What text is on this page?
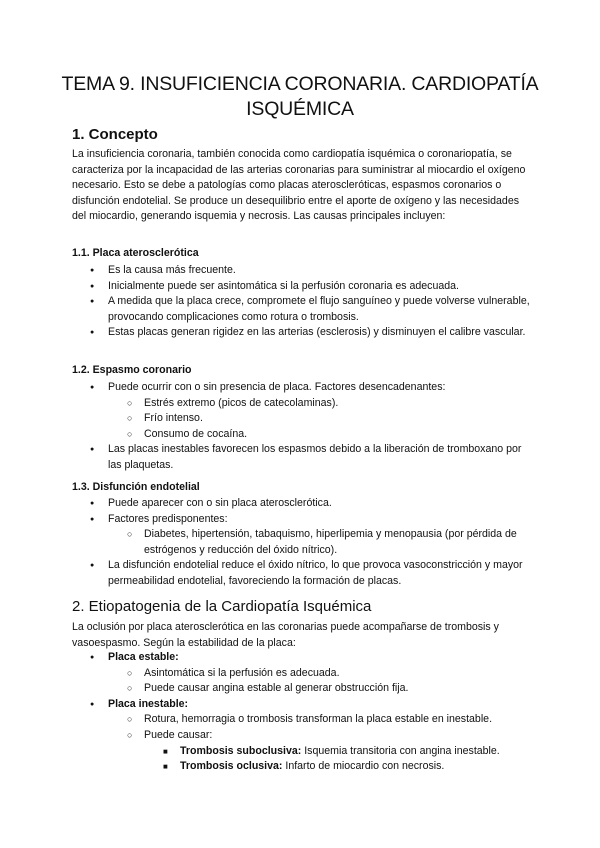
TEMA 9. INSUFICIENCIA CORONARIA. CARDIOPATÍA ISQUÉMICA
1. Concepto

La insuficiencia coronaria, también conocida como cardiopatía isquémica o coronariopatía, se caracteriza por la incapacidad de las arterias coronarias para suministrar al miocardio el oxígeno necesario. Esto se debe a patologías como placas ateroscleróticas, espasmos coronarios o disfunción endotelial. Se produce un desequilibrio entre el aporte de oxígeno y las necesidades del miocardio, generando isquemia y necrosis. Las causas principales incluyen:

1.1. Placa aterosclerótica
● Es la causa más frecuente.
● Inicialmente puede ser asintomática si la perfusión coronaria es adecuada.
● A medida que la placa crece, compromete el flujo sanguíneo y puede volverse vulnerable, provocando complicaciones como rotura o trombosis.
● Estas placas generan rigidez en las arterias (esclerosis) y disminuyen el calibre vascular.
1.2. Espasmo coronario
● Puede ocurrir con o sin presencia de placa. Factores desencadenantes:
○ Estrés extremo (picos de catecolaminas).
○ Frío intenso.
○ Consumo de cocaína.
● Las placas inestables favorecen los espasmos debido a la liberación de tromboxano por las plaquetas.
1.3. Disfunción endotelial
● Puede aparecer con o sin placa aterosclerótica.
● Factores predisponentes:
○ Diabetes, hipertensión, tabaquismo, hiperlipemia y menopausia (por pérdida de estrógenos y reducción del óxido nítrico).
● La disfunción endotelial reduce el óxido nítrico, lo que provoca vasoconstricción y mayor permeabilidad endotelial, favoreciendo la formación de placas.
2. Etiopatogenia de la Cardiopatía Isquémica

La oclusión por placa aterosclerótica en las coronarias puede acompañarse de trombosis y vasoespasmo. Según la estabilidad de la placa:

● Placa estable:
○ Asintomática si la perfusión es adecuada.
○ Puede causar angina estable al generar obstrucción fija.
● Placa inestable:
○ Rotura, hemorragia o trombosis transforman la placa estable en inestable.
○ Puede causar:
■ Trombosis suboclusiva: Isquemia transitoria con angina inestable.
■ Trombosis oclusiva: Infarto de miocardio con necrosis.
